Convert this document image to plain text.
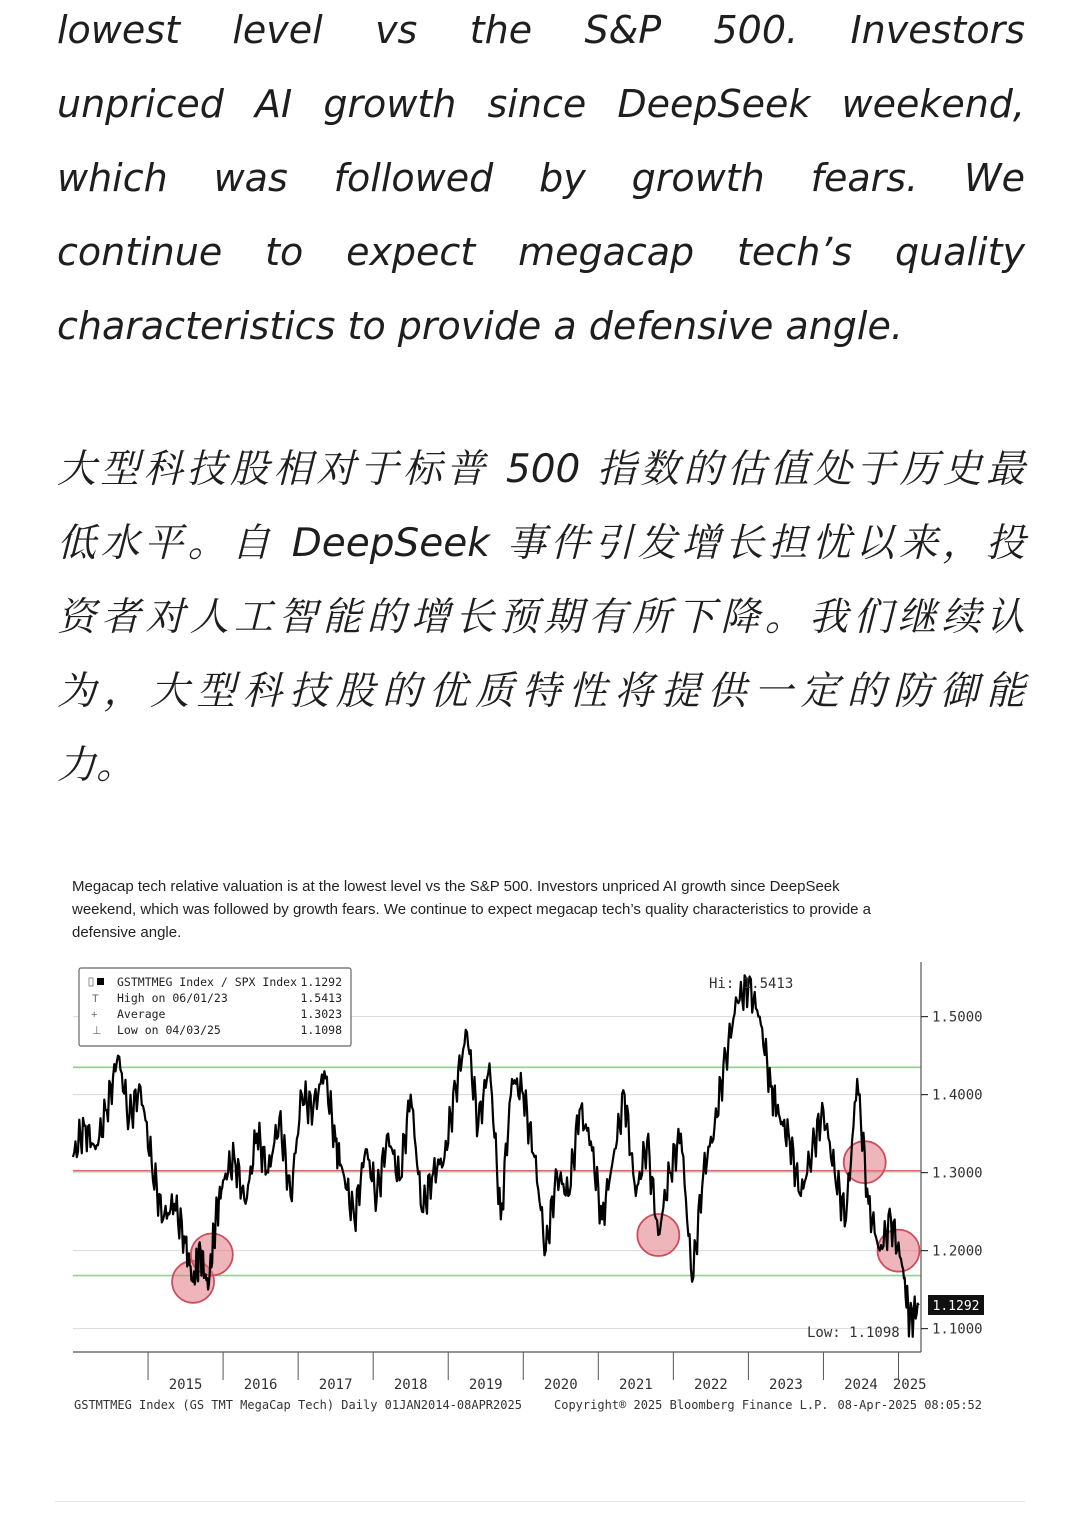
lowest level vs the S&P 500. Investors
unpriced AI growth since DeepSeek weekend,
which was followed by growth fears. We
continue to expect megacap tech’s quality
characteristics to provide a defensive angle.
大型科技股相对于标普 500 指数的估值处于历史最
低水平。自 DeepSeek 事件引发增长担忧以来，投
资者对人工智能的增长预期有所下降。我们继续认
为，大型科技股的优质特性将提供一定的防御能
力。
Megacap tech relative valuation is at the lowest level vs the S&P 500. Investors unpriced AI growth since DeepSeek
weekend, which was followed by growth fears. We continue to expect megacap tech’s quality characteristics to provide a
defensive angle.
1.1000
1.2000
1.3000
1.4000
1.5000
2015	2016	2017	2018	2019	2020	2021	2022	2023	2024 2025
T
+
⊥
GSTMTMEG Index / SPX Index 1.1292
High on 06/01/23	1.5413
Average	1.3023
Low on 04/03/25	1.1098
Hi: 1.5413
Low: 1.1098
1.1292
GSTMTMEG Index (GS TMT MegaCap Tech) Daily 01JAN2014-08APR2025	Copyright® 2025 Bloomberg Finance L.P. 08-Apr-2025 08:05:52
